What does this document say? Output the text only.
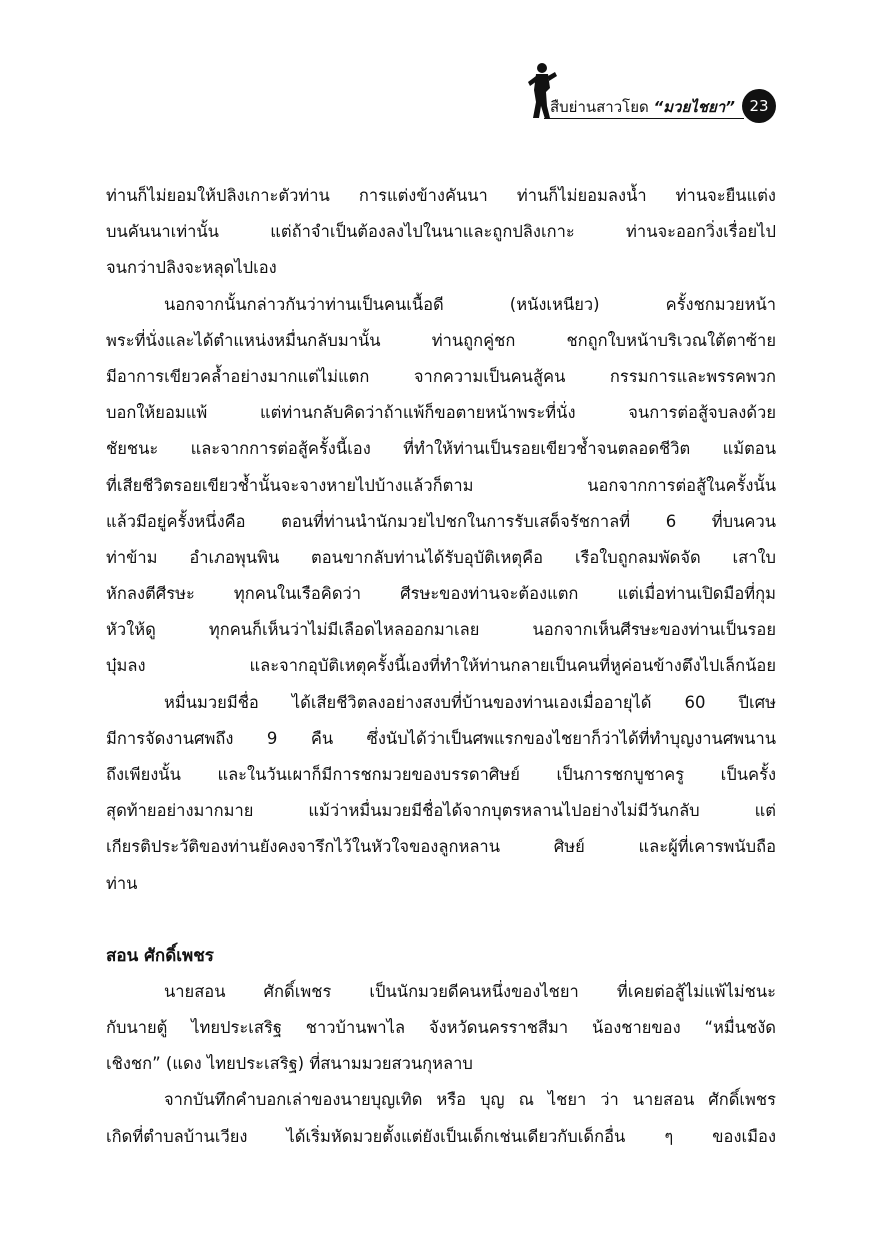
สืบย่านสาวโยด “มวยไชยา” 23
ท่านก็ไม่ยอมให้ปลิงเกาะตัวท่าน การแต่งข้างคันนา ท่านก็ไม่ยอมลงน้ำ ท่านจะยืนแต่ง
บนคันนาเท่านั้น แต่ถ้าจำเป็นต้องลงไปในนาและถูกปลิงเกาะ ท่านจะออกวิ่งเรื่อยไป
จนกว่าปลิงจะหลุดไปเอง
นอกจากนั้นกล่าวกันว่าท่านเป็นคนเนื้อดี (หนังเหนียว) ครั้งชกมวยหน้า
พระที่นั่งและได้ตำแหน่งหมื่นกลับมานั้น ท่านถูกคู่ชก ชกถูกใบหน้าบริเวณใต้ตาซ้าย
มีอาการเขียวคล้ำอย่างมากแต่ไม่แตก จากความเป็นคนสู้คน กรรมการและพรรคพวก
บอกให้ยอมแพ้ แต่ท่านกลับคิดว่าถ้าแพ้ก็ขอตายหน้าพระที่นั่ง จนการต่อสู้จบลงด้วย
ชัยชนะ และจากการต่อสู้ครั้งนี้เอง ที่ทำให้ท่านเป็นรอยเขียวช้ำจนตลอดชีวิต แม้ตอน
ที่เสียชีวิตรอยเขียวช้ำนั้นจะจางหายไปบ้างแล้วก็ตาม นอกจากการต่อสู้ในครั้งนั้น
แล้วมีอยู่ครั้งหนึ่งคือ ตอนที่ท่านนำนักมวยไปชกในการรับเสด็จรัชกาลที่ 6 ที่บนควน
ท่าข้าม อำเภอพุนพิน ตอนขากลับท่านได้รับอุบัติเหตุคือ เรือใบถูกลมพัดจัด เสาใบ
หักลงตีศีรษะ ทุกคนในเรือคิดว่า ศีรษะของท่านจะต้องแตก แต่เมื่อท่านเปิดมือที่กุม
หัวให้ดู ทุกคนก็เห็นว่าไม่มีเลือดไหลออกมาเลย นอกจากเห็นศีรษะของท่านเป็นรอย
บุ๋มลง และจากอุบัติเหตุครั้งนี้เองที่ทำให้ท่านกลายเป็นคนที่หูค่อนข้างตึงไปเล็กน้อย
หมื่นมวยมีชื่อ ได้เสียชีวิตลงอย่างสงบที่บ้านของท่านเองเมื่ออายุได้ 60 ปีเศษ
มีการจัดงานศพถึง 9 คืน ซึ่งนับได้ว่าเป็นศพแรกของไชยาก็ว่าได้ที่ทำบุญงานศพนาน
ถึงเพียงนั้น และในวันเผาก็มีการชกมวยของบรรดาศิษย์ เป็นการชกบูชาครู เป็นครั้ง
สุดท้ายอย่างมากมาย แม้ว่าหมื่นมวยมีชื่อได้จากบุตรหลานไปอย่างไม่มีวันกลับ แต่
เกียรติประวัติของท่านยังคงจารึกไว้ในหัวใจของลูกหลาน ศิษย์ และผู้ที่เคารพนับถือ
ท่าน
สอน ศักดิ์เพชร
นายสอน ศักดิ์เพชร เป็นนักมวยดีคนหนึ่งของไชยา ที่เคยต่อสู้ไม่แพ้ไม่ชนะ
กับนายตู้ ไทยประเสริฐ ชาวบ้านพาไล จังหวัดนครราชสีมา น้องชายของ “หมื่นชงัด
เชิงชก” (แดง ไทยประเสริฐ) ที่สนามมวยสวนกุหลาบ
จากบันทึกคำบอกเล่าของนายบุญเทิด หรือ บุญ ณ ไชยา ว่า นายสอน ศักดิ์เพชร
เกิดที่ตำบลบ้านเวียง ได้เริ่มหัดมวยตั้งแต่ยังเป็นเด็กเช่นเดียวกับเด็กอื่น ๆ ของเมือง
